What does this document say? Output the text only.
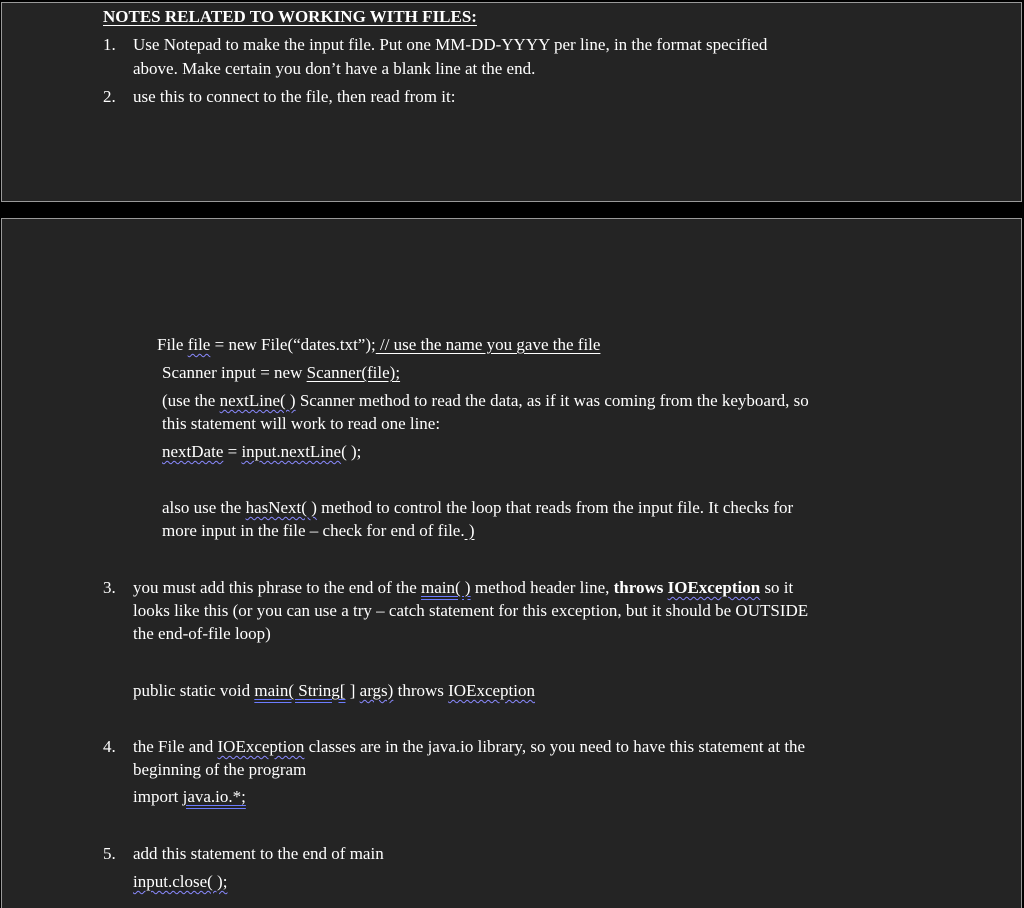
NOTES RELATED TO WORKING WITH FILES:
1. Use Notepad to make the input file. Put one MM-DD-YYYY per line, in the format specified
above. Make certain you don’t have a blank line at the end.
2. use this to connect to the file, then read from it:
File file = new File(“dates.txt”); // use the name you gave the file
Scanner input = new Scanner(file);
(use the nextLine( ) Scanner method to read the data, as if it was coming from the keyboard, so
this statement will work to read one line:
nextDate = input.nextLine( );
also use the hasNext( ) method to control the loop that reads from the input file. It checks for
more input in the file – check for end of file. )
3. you must add this phrase to the end of the main( ) method header line, throws IOException so it
looks like this (or you can use a try – catch statement for this exception, but it should be OUTSIDE
the end-of-file loop)
public static void main( String[ ] args) throws IOException
4. the File and IOException classes are in the java.io library, so you need to have this statement at the
beginning of the program
import java.io.*;
5. add this statement to the end of main
input.close( );
